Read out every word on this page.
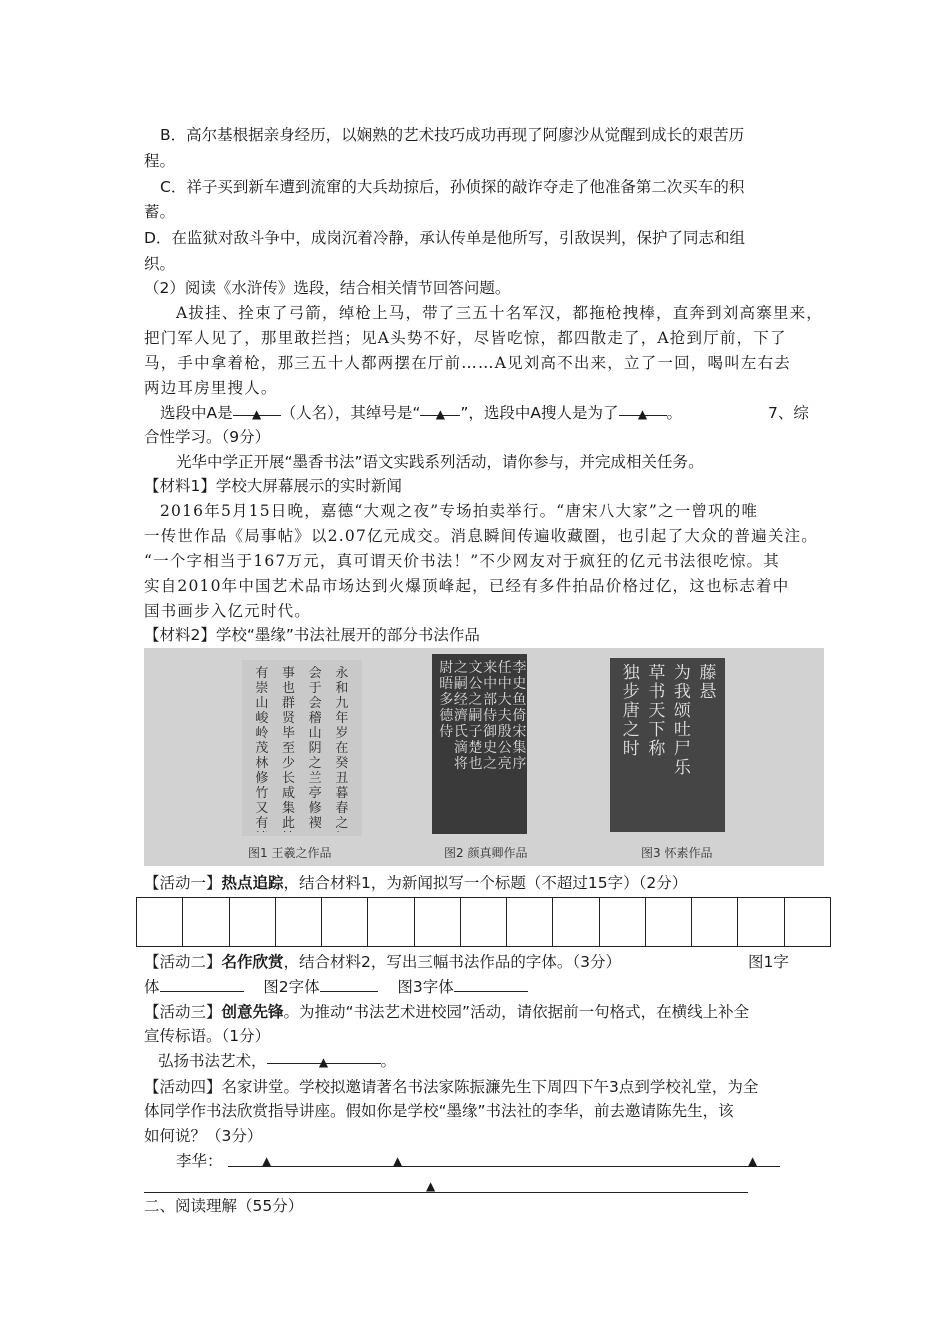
B．高尔基根据亲身经历，以娴熟的艺术技巧成功再现了阿廖沙从觉醒到成长的艰苦历
程。
C．祥子买到新车遭到流窜的大兵劫掠后，孙侦探的敲诈夺走了他准备第二次买车的积
蓄。
D．在监狱对敌斗争中，成岗沉着冷静，承认传单是他所写，引敌误判，保护了同志和组
织。
（2）阅读《水浒传》选段，结合相关情节回答问题。
A拔挂、拴束了弓箭，绰枪上马，带了三五十名军汉，都拖枪拽棒，直奔到刘高寨里来，
把门军人见了，那里敢拦挡；见A头势不好，尽皆吃惊，都四散走了，A抢到厅前，下了
马，手中拿着枪，那三五十人都两摆在厅前……A见刘高不出来，立了一回，喝叫左右去
两边耳房里搜人。
选段中A是 ▲ （人名），其绰号是“ ▲ ”，选段中A搜人是为了 ▲ 。	7、综
合性学习。（9分）
光华中学正开展“墨香书法”语文实践系列活动，请你参与，并完成相关任务。
【材料1】学校大屏幕展示的实时新闻
2016年5月15日晚，嘉德“大观之夜”专场拍卖举行。“唐宋八大家”之一曾巩的唯
一传世作品《局事帖》以2.07亿元成交。消息瞬间传遍收藏圈，也引起了大众的普遍关注。
“一个字相当于167万元，真可谓天价书法！”不少网友对于疯狂的亿元书法很吃惊。其
实自2010年中国艺术品市场达到火爆顶峰起，已经有多件拍品价格过亿，这也标志着中
国书画步入亿元时代。
【材料2】学校“墨缘”书法社展开的部分书法作品
永和九年岁在癸丑暮春之
会于会稽山阴之兰亭修禊
事也群贤毕至少长咸集此
有崇山峻岭茂林修竹又有
李史鱼倚宋集序
任中大夫殷公亮
来中部侍御史之
文公之嗣子楚也
之嗣经濟氏滴将
尉晤多德侍
藤悬
为我颂吐尸乐
草书天下称
独步唐之时
图1 王羲之作品	图2 颜真卿作品	图3 怀素作品
【活动一】热点追踪，结合材料1，为新闻拟写一个标题（不超过15字）（2分）
【活动二】名作欣赏，结合材料2，写出三幅书法作品的字体。（3分）	图1字
体	图2字体	图3字体
【活动三】创意先锋。为推动“书法艺术进校园”活动，请依据前一句格式，在横线上补全
宣传标语。（1分）
弘扬书法艺术，	▲	。
【活动四】名家讲堂。学校拟邀请著名书法家陈振濂先生下周四下午3点到学校礼堂，为全
体同学作书法欣赏指导讲座。假如你是学校“墨缘”书法社的李华，前去邀请陈先生，该
如何说？（3分）
李华：	▲	▲	▲
▲
二、阅读理解（55分）
